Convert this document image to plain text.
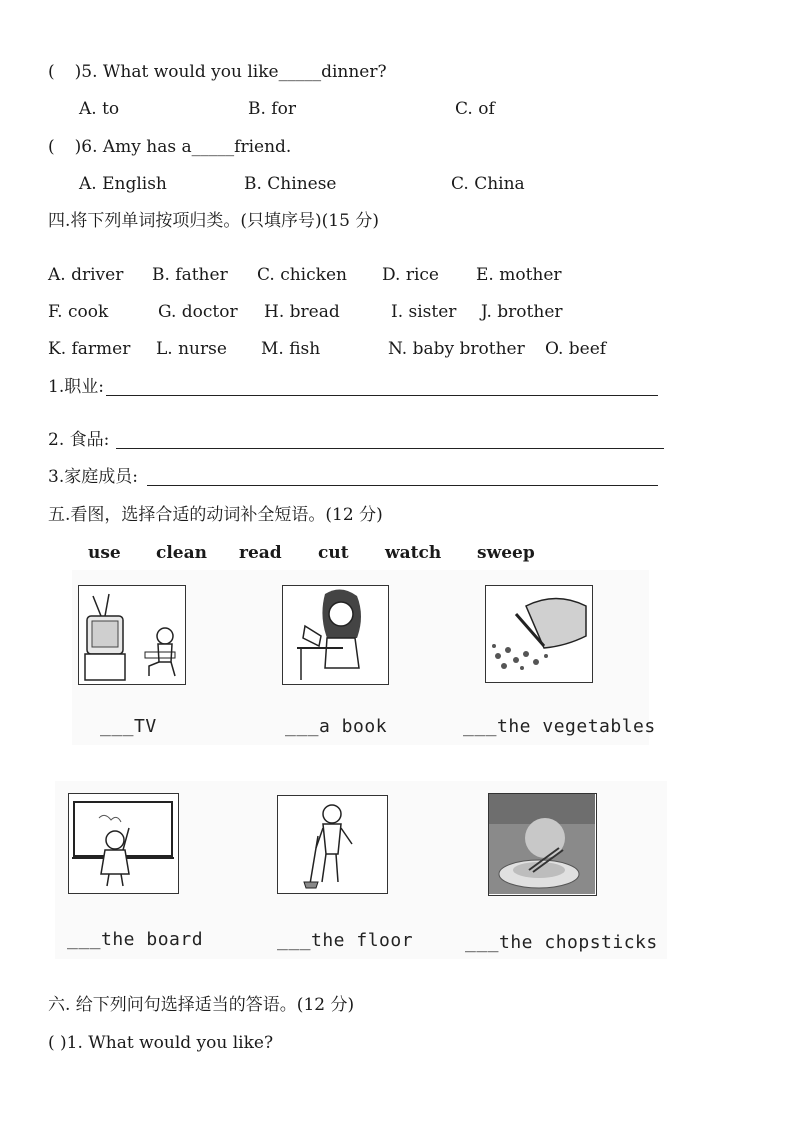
( )5. What would you like_____dinner?
A. to	B. for	C. of
( )6. Amy has a_____friend.
A. English	B. Chinese	C. China
四.将下列单词按项归类。(只填序号)(15 分)
A. driver B. father C. chicken D. rice E. mother
F. cook	G. doctor H. bread	I. sister J. brother
K. farmer L. nurse M. fish	N. baby brother O. beef
1.职业:
2. 食品:
3.家庭成员:
五.看图，选择合适的动词补全短语。(12 分)
use clean read cut watch sweep
___TV	___a book	___the vegetables
___the board	___the floor	___the chopsticks
六. 给下列问句选择适当的答语。(12 分)
( )1. What would you like?
